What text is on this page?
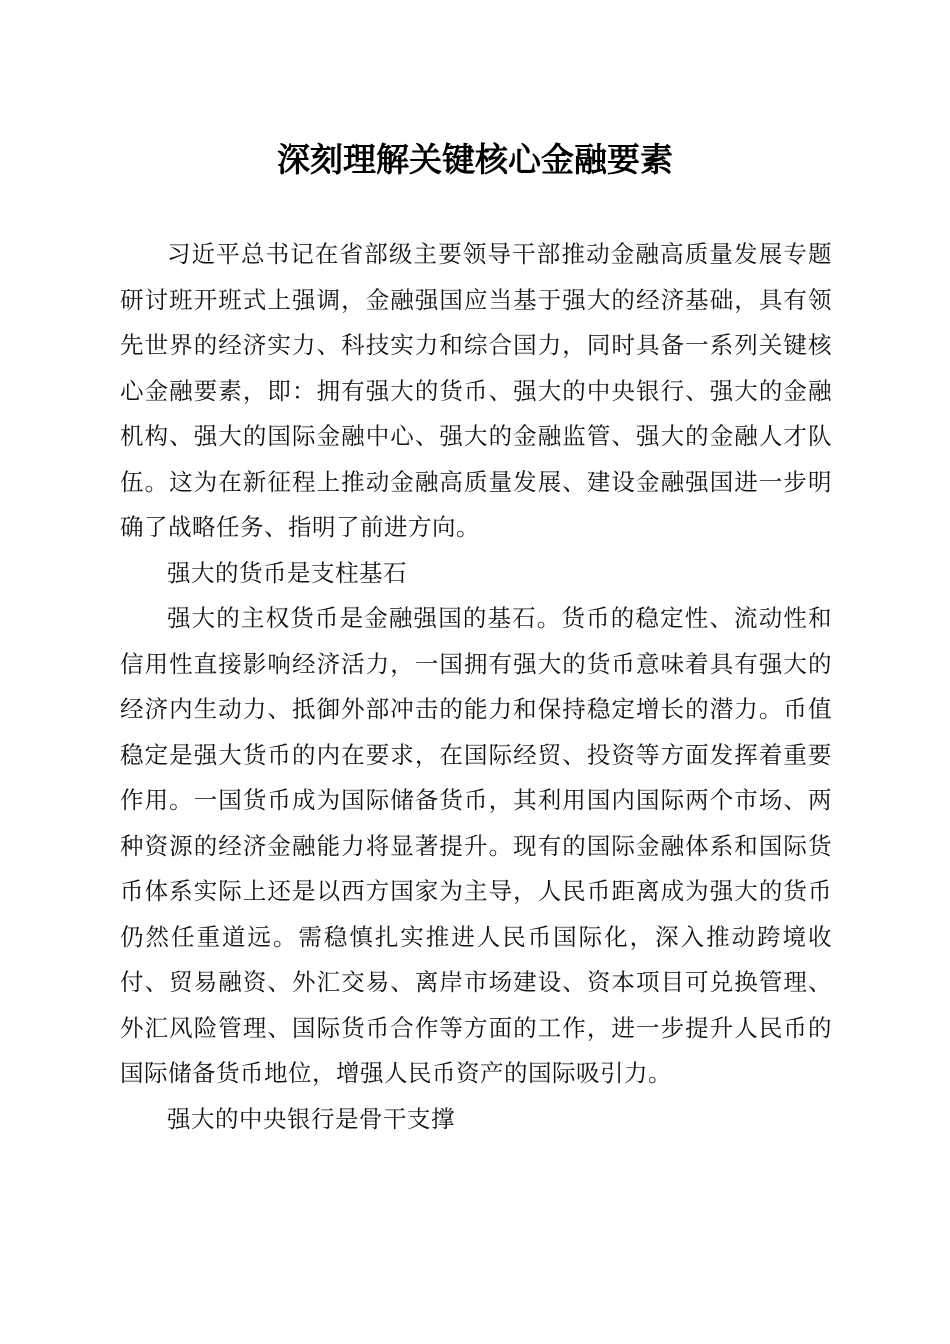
深刻理解关键核心金融要素

习近平总书记在省部级主要领导干部推动金融高质量发展专题研讨班开班式上强调，金融强国应当基于强大的经济基础，具有领先世界的经济实力、科技实力和综合国力，同时具备一系列关键核心金融要素，即：拥有强大的货币、强大的中央银行、强大的金融机构、强大的国际金融中心、强大的金融监管、强大的金融人才队伍。这为在新征程上推动金融高质量发展、建设金融强国进一步明确了战略任务、指明了前进方向。

强大的货币是支柱基石

强大的主权货币是金融强国的基石。货币的稳定性、流动性和信用性直接影响经济活力，一国拥有强大的货币意味着具有强大的经济内生动力、抵御外部冲击的能力和保持稳定增长的潜力。币值稳定是强大货币的内在要求，在国际经贸、投资等方面发挥着重要作用。一国货币成为国际储备货币，其利用国内国际两个市场、两种资源的经济金融能力将显著提升。现有的国际金融体系和国际货币体系实际上还是以西方国家为主导，人民币距离成为强大的货币仍然任重道远。需稳慎扎实推进人民币国际化，深入推动跨境收付、贸易融资、外汇交易、离岸市场建设、资本项目可兑换管理、外汇风险管理、国际货币合作等方面的工作，进一步提升人民币的国际储备货币地位，增强人民币资产的国际吸引力。

强大的中央银行是骨干支撑
